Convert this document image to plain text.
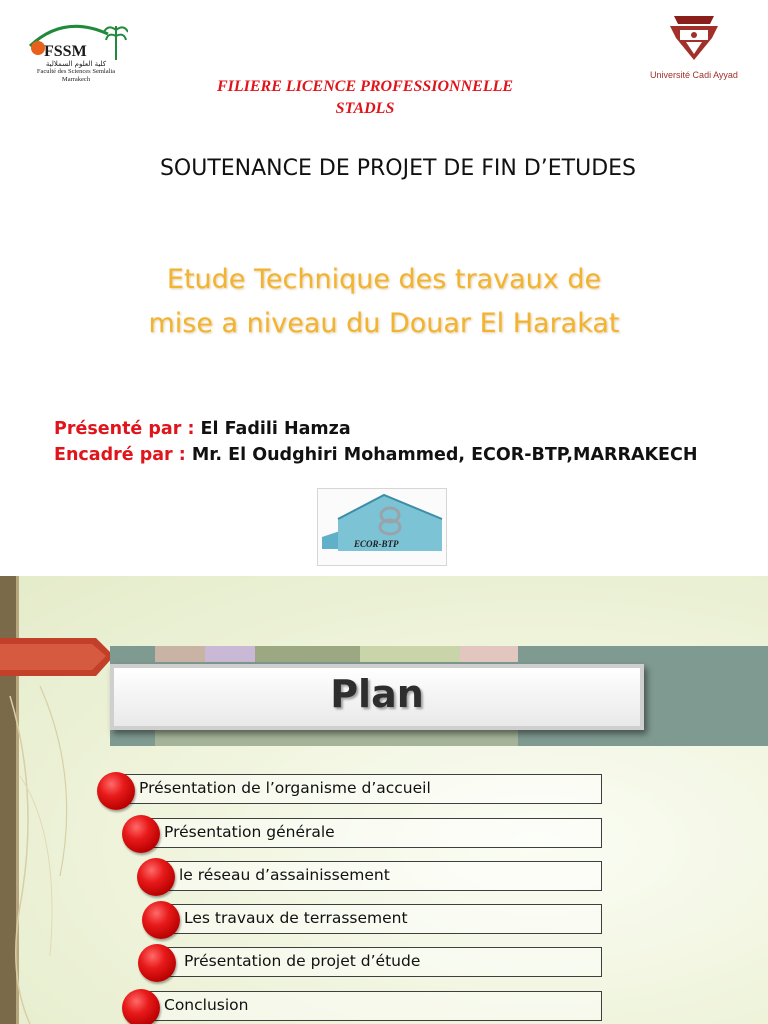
FSSM
كلية العلوم السملالية
Faculté des Sciences Semlalia
Marrakech	Université Cadi Ayyad
FILIERE LICENCE PROFESSIONNELLE
STADLS
SOUTENANCE DE PROJET DE FIN D’ETUDES
Etude Technique des travaux de
mise a niveau du Douar El Harakat
Présenté par : El Fadili Hamza
Encadré par : Mr. El Oudghiri Mohammed, ECOR-BTP,MARRAKECH
ECOR-BTP
Plan
Présentation de l’organisme d’accueil
Présentation générale
le réseau d’assainissement
Les travaux de terrassement
Présentation de projet d’étude
Conclusion
